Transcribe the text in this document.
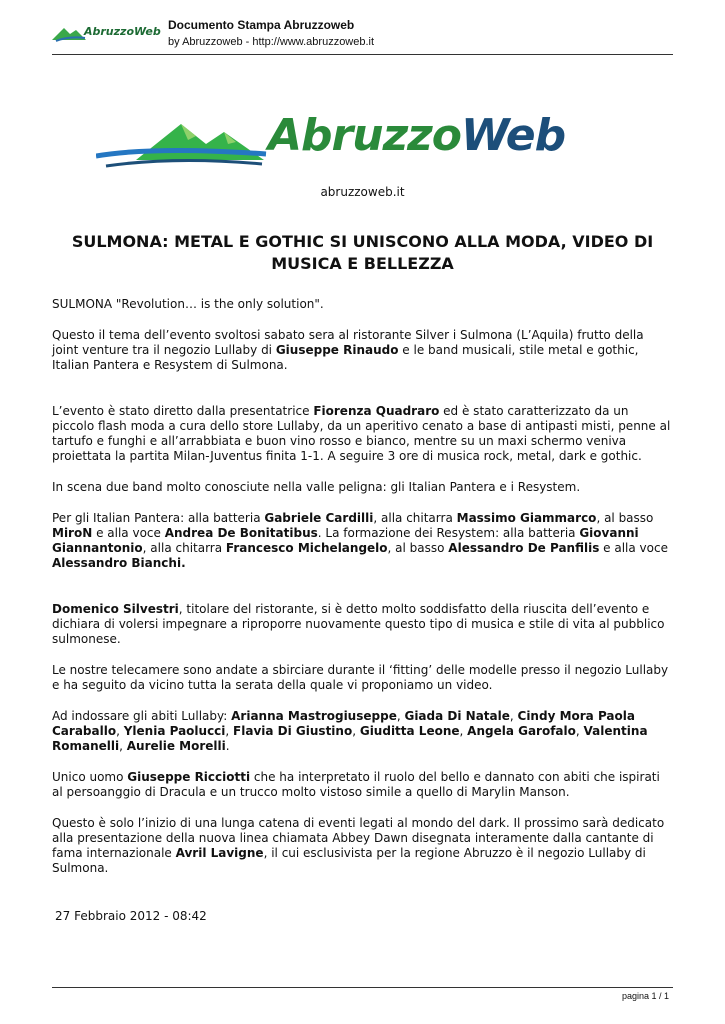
AbruzzoWeb Documento Stampa Abruzzoweb
by Abruzzoweb - http://www.abruzzoweb.it
AbruzzoWeb
abruzzoweb.it
SULMONA: METAL E GOTHIC SI UNISCONO ALLA MODA, VIDEO DI MUSICA E BELLEZZA

SULMONA "Revolution… is the only solution".

Questo il tema dell’evento svoltosi sabato sera al ristorante Silver i Sulmona (L’Aquila) frutto della joint venture tra il negozio Lullaby di Giuseppe Rinaudo e le band musicali, stile metal e gothic, Italian Pantera e Resystem di Sulmona.

L’evento è stato diretto dalla presentatrice Fiorenza Quadraro ed è stato caratterizzato da un piccolo flash moda a cura dello store Lullaby, da un aperitivo cenato a base di antipasti misti, penne al tartufo e funghi e all’arrabbiata e buon vino rosso e bianco, mentre su un maxi schermo veniva proiettata la partita Milan-Juventus finita 1-1. A seguire 3 ore di musica rock, metal, dark e gothic.

In scena due band molto conosciute nella valle peligna: gli Italian Pantera e i Resystem.

Per gli Italian Pantera: alla batteria Gabriele Cardilli, alla chitarra Massimo Giammarco, al basso MiroN e alla voce Andrea De Bonitatibus. La formazione dei Resystem: alla batteria Giovanni Giannantonio, alla chitarra Francesco Michelangelo, al basso Alessandro De Panfilis e alla voce Alessandro Bianchi.

Domenico Silvestri, titolare del ristorante, si è detto molto soddisfatto della riuscita dell’evento e dichiara di volersi impegnare a riproporre nuovamente questo tipo di musica e stile di vita al pubblico sulmonese.

Le nostre telecamere sono andate a sbirciare durante il ‘fitting’ delle modelle presso il negozio Lullaby e ha seguito da vicino tutta la serata della quale vi proponiamo un video.

Ad indossare gli abiti Lullaby: Arianna Mastrogiuseppe, Giada Di Natale, Cindy Mora Paola Caraballo, Ylenia Paolucci, Flavia Di Giustino, Giuditta Leone, Angela Garofalo, Valentina Romanelli, Aurelie Morelli.

Unico uomo Giuseppe Ricciotti che ha interpretato il ruolo del bello e dannato con abiti che ispirati al persoanggio di Dracula e un trucco molto vistoso simile a quello di Marylin Manson.

Questo è solo l’inizio di una lunga catena di eventi legati al mondo del dark. Il prossimo sarà dedicato alla presentazione della nuova linea chiamata Abbey Dawn disegnata interamente dalla cantante di fama internazionale Avril Lavigne, il cui esclusivista per la regione Abruzzo è il negozio Lullaby di Sulmona.

27 Febbraio 2012 - 08:42
pagina 1 / 1
